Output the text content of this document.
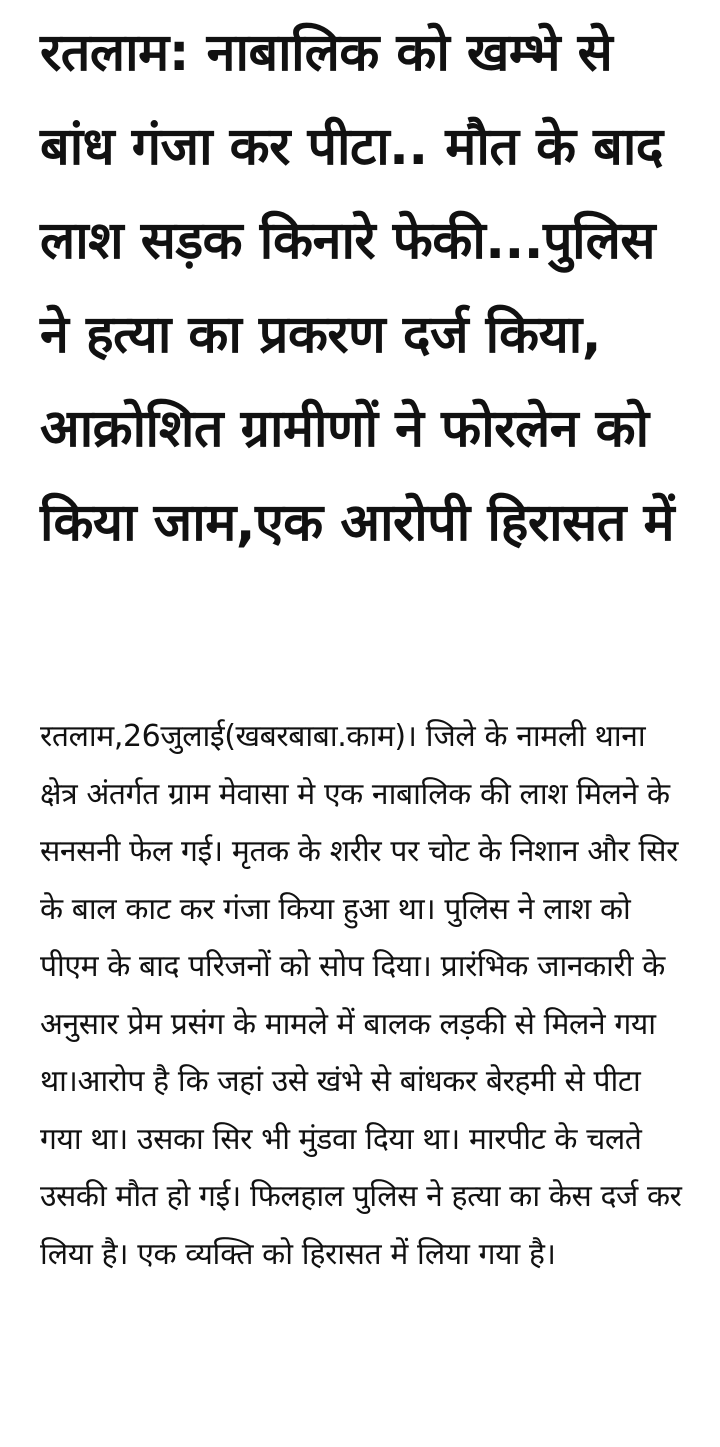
रतलाम: नाबालिक को खम्भे से बांध गंजा कर पीटा.. मौत के बाद लाश सड़क किनारे फेकी...पुलिस ने हत्या का प्रकरण दर्ज किया, आक्रोशित ग्रामीणों ने फोरलेन को किया जाम,एक आरोपी हिरासत में

रतलाम,26जुलाई(खबरबाबा.काम)। जिले के नामली थाना क्षेत्र अंतर्गत ग्राम मेवासा मे एक नाबालिक की लाश मिलने के सनसनी फेल गई। मृतक के शरीर पर चोट के निशान और सिर के बाल काट कर गंजा किया हुआ था। पुलिस ने लाश को पीएम के बाद परिजनों को सोप दिया। प्रारंभिक जानकारी के अनुसार प्रेम प्रसंग के मामले में बालक लड़की से मिलने गया था।आरोप है कि जहां उसे खंभे से बांधकर बेरहमी से पीटा गया था। उसका सिर भी मुंडवा दिया था। मारपीट के चलते उसकी मौत हो गई। फिलहाल पुलिस ने हत्या का केस दर्ज कर लिया है। एक व्यक्ति को हिरासत में लिया गया है।
